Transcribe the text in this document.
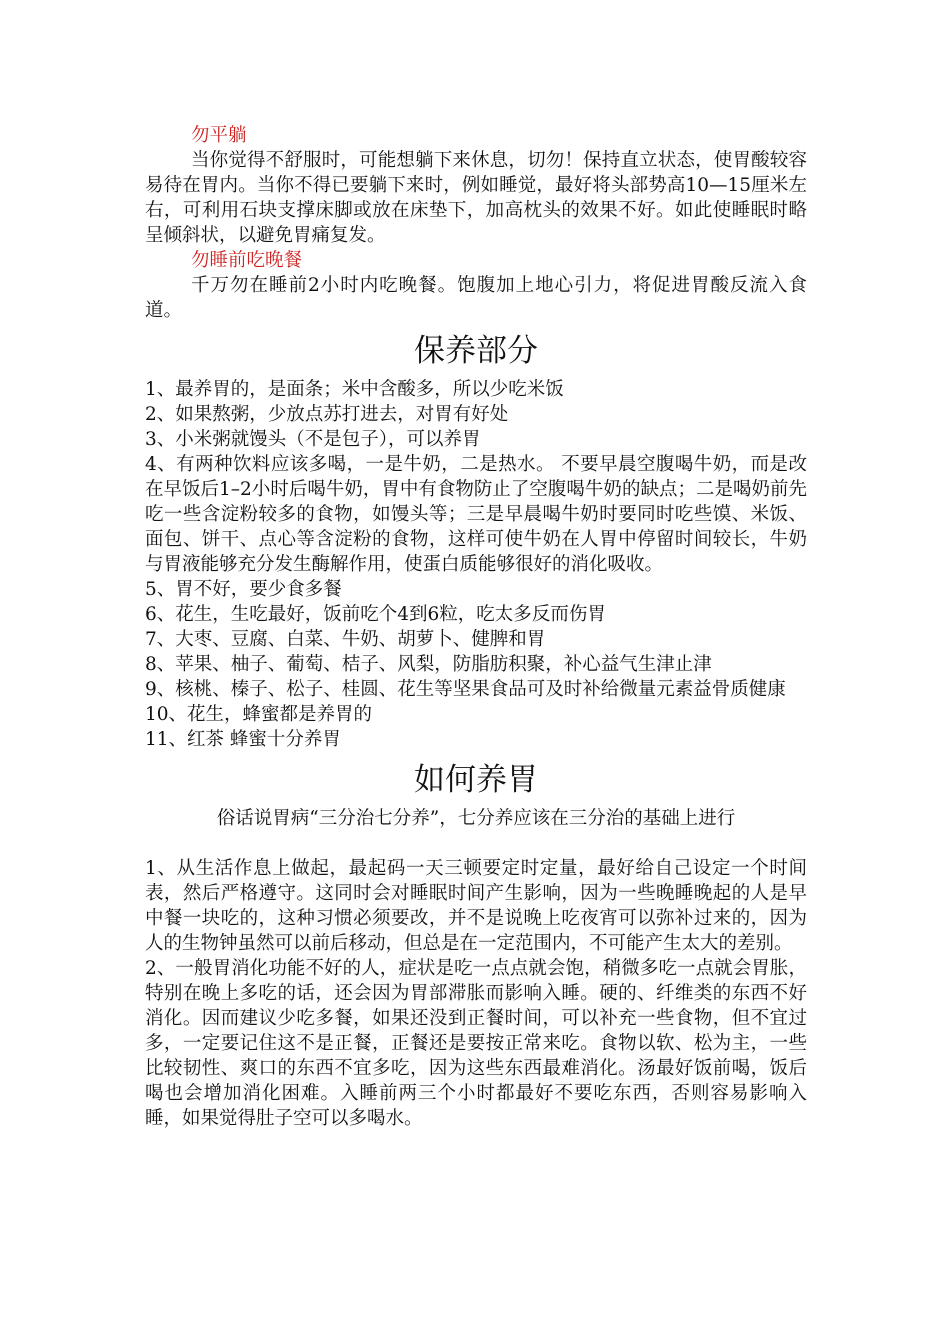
勿平躺

当你觉得不舒服时，可能想躺下来休息，切勿！保持直立状态，使胃酸较容易待在胃内。当你不得已要躺下来时，例如睡觉，最好将头部势高10—15厘米左右，可利用石块支撑床脚或放在床垫下，加高枕头的效果不好。如此使睡眠时略呈倾斜状，以避免胃痛复发。

勿睡前吃晚餐

千万勿在睡前2小时内吃晚餐。饱腹加上地心引力，将促进胃酸反流入食道。

保养部分

1、最养胃的，是面条；米中含酸多，所以少吃米饭

2、如果熬粥，少放点苏打进去，对胃有好处

3、小米粥就馒头（不是包子），可以养胃

4、有两种饮料应该多喝，一是牛奶，二是热水。 不要早晨空腹喝牛奶，而是改在早饭后1–2小时后喝牛奶，胃中有食物防止了空腹喝牛奶的缺点；二是喝奶前先吃一些含淀粉较多的食物，如馒头等；三是早晨喝牛奶时要同时吃些馍、米饭、面包、饼干、点心等含淀粉的食物，这样可使牛奶在人胃中停留时间较长，牛奶与胃液能够充分发生酶解作用，使蛋白质能够很好的消化吸收。

5、胃不好，要少食多餐

6、花生，生吃最好，饭前吃个4到6粒，吃太多反而伤胃

7、大枣、豆腐、白菜、牛奶、胡萝卜、健脾和胃

8、苹果、柚子、葡萄、桔子、风梨，防脂肪积聚，补心益气生津止津

9、核桃、榛子、松子、桂圆、花生等坚果食品可及时补给微量元素益骨质健康

10、花生，蜂蜜都是养胃的

11、红茶 蜂蜜十分养胃

如何养胃

俗话说胃病“三分治七分养”，七分养应该在三分治的基础上进行

1、从生活作息上做起，最起码一天三顿要定时定量，最好给自己设定一个时间表，然后严格遵守。这同时会对睡眠时间产生影响，因为一些晚睡晚起的人是早中餐一块吃的，这种习惯必须要改，并不是说晚上吃夜宵可以弥补过来的，因为人的生物钟虽然可以前后移动，但总是在一定范围内，不可能产生太大的差别。

2、一般胃消化功能不好的人，症状是吃一点点就会饱，稍微多吃一点就会胃胀，特别在晚上多吃的话，还会因为胃部滞胀而影响入睡。硬的、纤维类的东西不好消化。因而建议少吃多餐，如果还没到正餐时间，可以补充一些食物，但不宜过多，一定要记住这不是正餐，正餐还是要按正常来吃。食物以软、松为主，一些比较韧性、爽口的东西不宜多吃，因为这些东西最难消化。汤最好饭前喝，饭后喝也会增加消化困难。入睡前两三个小时都最好不要吃东西，否则容易影响入睡，如果觉得肚子空可以多喝水。
